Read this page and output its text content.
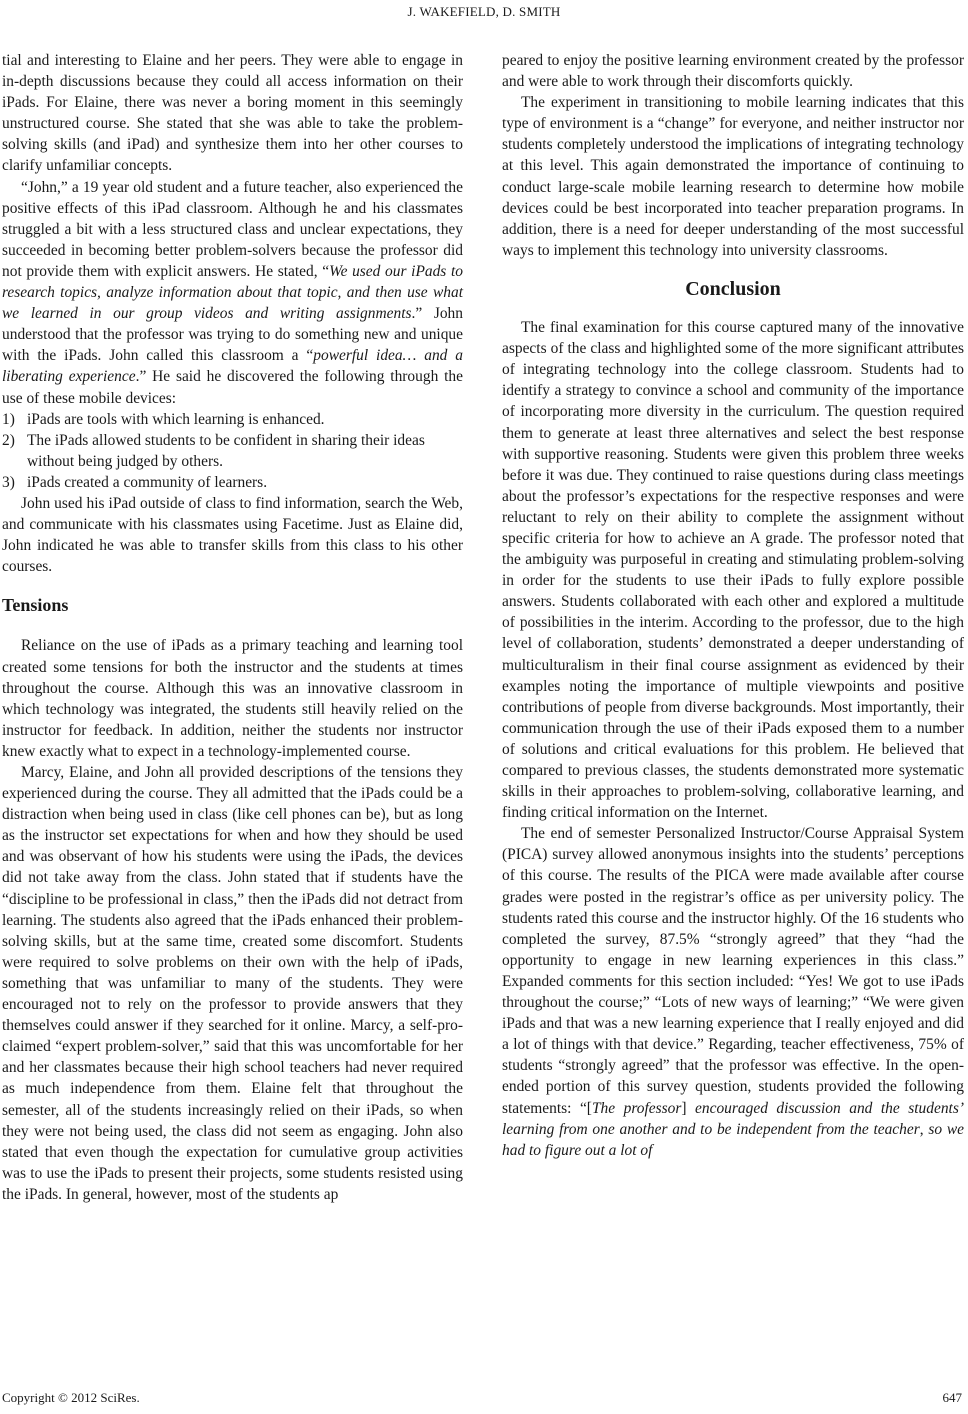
J. WAKEFIELD, D. SMITH

tial and interesting to Elaine and her peers. They were able to engage in in-depth discussions because they could all access information on their iPads. For Elaine, there was never a boring moment in this seemingly unstructured course. She stated that she was able to take the problem-solving skills (and iPad) and synthesize them into her other courses to clarify unfamiliar concepts.

“John,” a 19 year old student and a future teacher, also experienced the positive effects of this iPad classroom. Although he and his classmates struggled a bit with a less structured class and unclear expectations, they succeeded in becoming better problem-solvers because the professor did not provide them with explicit answers. He stated, “We used our iPads to research topics, analyze information about that topic, and then use what we learned in our group videos and writing assignments.” John understood that the professor was trying to do something new and unique with the iPads. John called this classroom a “powerful idea… and a liberating experience.” He said he discovered the following through the use of these mobile devices:

1) iPads are tools with which learning is enhanced.
2) The iPads allowed students to be confident in sharing their ideas without being judged by others.
3) iPads created a community of learners.

John used his iPad outside of class to find information, search the Web, and communicate with his classmates using Facetime. Just as Elaine did, John indicated he was able to transfer skills from this class to his other courses.

Tensions

Reliance on the use of iPads as a primary teaching and learning tool created some tensions for both the instructor and the students at times throughout the course. Although this was an innovative classroom in which technology was integrated, the students still heavily relied on the instructor for feedback. In addition, neither the students nor instructor knew exactly what to expect in a technology-implemented course.

Marcy, Elaine, and John all provided descriptions of the tensions they experienced during the course. They all admitted that the iPads could be a distraction when being used in class (like cell phones can be), but as long as the instructor set expectations for when and how they should be used and was observant of how his students were using the iPads, the devices did not take away from the class. John stated that if students have the “discipline to be professional in class,” then the iPads did not detract from learning. The students also agreed that the iPads enhanced their problem-solving skills, but at the same time, created some discomfort. Students were required to solve problems on their own with the help of iPads, something that was unfamiliar to many of the students. They were encouraged not to rely on the professor to provide answers that they themselves could answer if they searched for it online. Marcy, a self-proclaimed “expert problem-solver,” said that this was uncomfortable for her and her classmates because their high school teachers had never required as much independence from them. Elaine felt that throughout the semester, all of the students increasingly relied on their iPads, so when they were not being used, the class did not seem as engaging. John also stated that even though the expectation for cumulative group activities was to use the iPads to present their projects, some students resisted using the iPads. In general, however, most of the students ap

peared to enjoy the positive learning environment created by the professor and were able to work through their discomforts quickly.

The experiment in transitioning to mobile learning indicates that this type of environment is a “change” for everyone, and neither instructor nor students completely understood the implications of integrating technology at this level. This again demonstrated the importance of continuing to conduct large-scale mobile learning research to determine how mobile devices could be best incorporated into teacher preparation programs. In addition, there is a need for deeper understanding of the most successful ways to implement this technology into university classrooms.

Conclusion

The final examination for this course captured many of the innovative aspects of the class and highlighted some of the more significant attributes of integrating technology into the college classroom. Students had to identify a strategy to convince a school and community of the importance of incorporating more diversity in the curriculum. The question required them to generate at least three alternatives and select the best response with supportive reasoning. Students were given this problem three weeks before it was due. They continued to raise questions during class meetings about the professor’s expectations for the respective responses and were reluctant to rely on their ability to complete the assignment without specific criteria for how to achieve an A grade. The professor noted that the ambiguity was purposeful in creating and stimulating problem-solving in order for the students to use their iPads to fully explore possible answers. Students collaborated with each other and explored a multitude of possibilities in the interim. According to the professor, due to the high level of collaboration, students’ demonstrated a deeper understanding of multiculturalism in their final course assignment as evidenced by their examples noting the importance of multiple viewpoints and positive contributions of people from diverse backgrounds. Most importantly, their communication through the use of their iPads exposed them to a number of solutions and critical evaluations for this problem. He believed that compared to previous classes, the students demonstrated more systematic skills in their approaches to problem-solving, collaborative learning, and finding critical information on the Internet.

The end of semester Personalized Instructor/Course Appraisal System (PICA) survey allowed anonymous insights into the students’ perceptions of this course. The results of the PICA were made available after course grades were posted in the registrar’s office as per university policy. The students rated this course and the instructor highly. Of the 16 students who completed the survey, 87.5% “strongly agreed” that they “had the opportunity to engage in new learning experiences in this class.” Expanded comments for this section included: “Yes! We got to use iPads throughout the course;” “Lots of new ways of learning;” “We were given iPads and that was a new learning experience that I really enjoyed and did a lot of things with that device.” Regarding, teacher effectiveness, 75% of students “strongly agreed” that the professor was effective. In the open-ended portion of this survey question, students provided the following statements: “[The professor] encouraged discussion and the students’ learning from one another and to be independent from the teacher, so we had to figure out a lot of

Copyright © 2012 SciRes.	647
